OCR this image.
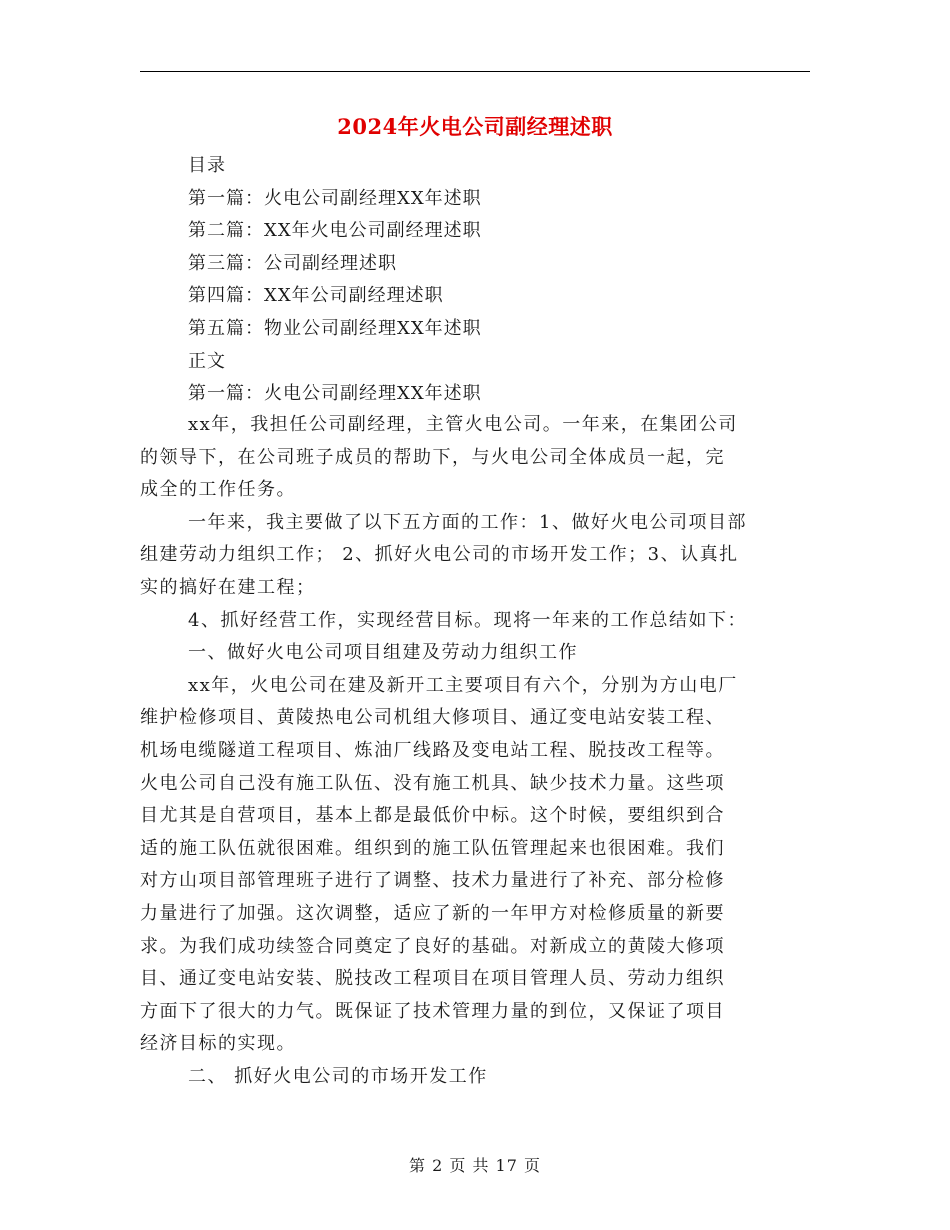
2024年火电公司副经理述职
目录
第一篇：火电公司副经理XX年述职
第二篇：XX年火电公司副经理述职
第三篇：公司副经理述职
第四篇：XX年公司副经理述职
第五篇：物业公司副经理XX年述职
正文
第一篇：火电公司副经理XX年述职

xx年，我担任公司副经理，主管火电公司。一年来，在集团公司
的领导下，在公司班子成员的帮助下，与火电公司全体成员一起，完
成全的工作任务。

一年来，我主要做了以下五方面的工作：1、做好火电公司项目部
组建劳动力组织工作； 2、抓好火电公司的市场开发工作；3、认真扎
实的搞好在建工程；

4、抓好经营工作，实现经营目标。现将一年来的工作总结如下：

一、做好火电公司项目组建及劳动力组织工作

xx年，火电公司在建及新开工主要项目有六个，分别为方山电厂
维护检修项目、黄陵热电公司机组大修项目、通辽变电站安装工程、
机场电缆隧道工程项目、炼油厂线路及变电站工程、脱技改工程等。
火电公司自己没有施工队伍、没有施工机具、缺少技术力量。这些项
目尤其是自营项目，基本上都是最低价中标。这个时候，要组织到合
适的施工队伍就很困难。组织到的施工队伍管理起来也很困难。我们
对方山项目部管理班子进行了调整、技术力量进行了补充、部分检修
力量进行了加强。这次调整，适应了新的一年甲方对检修质量的新要
求。为我们成功续签合同奠定了良好的基础。对新成立的黄陵大修项
目、通辽变电站安装、脱技改工程项目在项目管理人员、劳动力组织
方面下了很大的力气。既保证了技术管理力量的到位，又保证了项目
经济目标的实现。

二、 抓好火电公司的市场开发工作

第 2 页 共 17 页
